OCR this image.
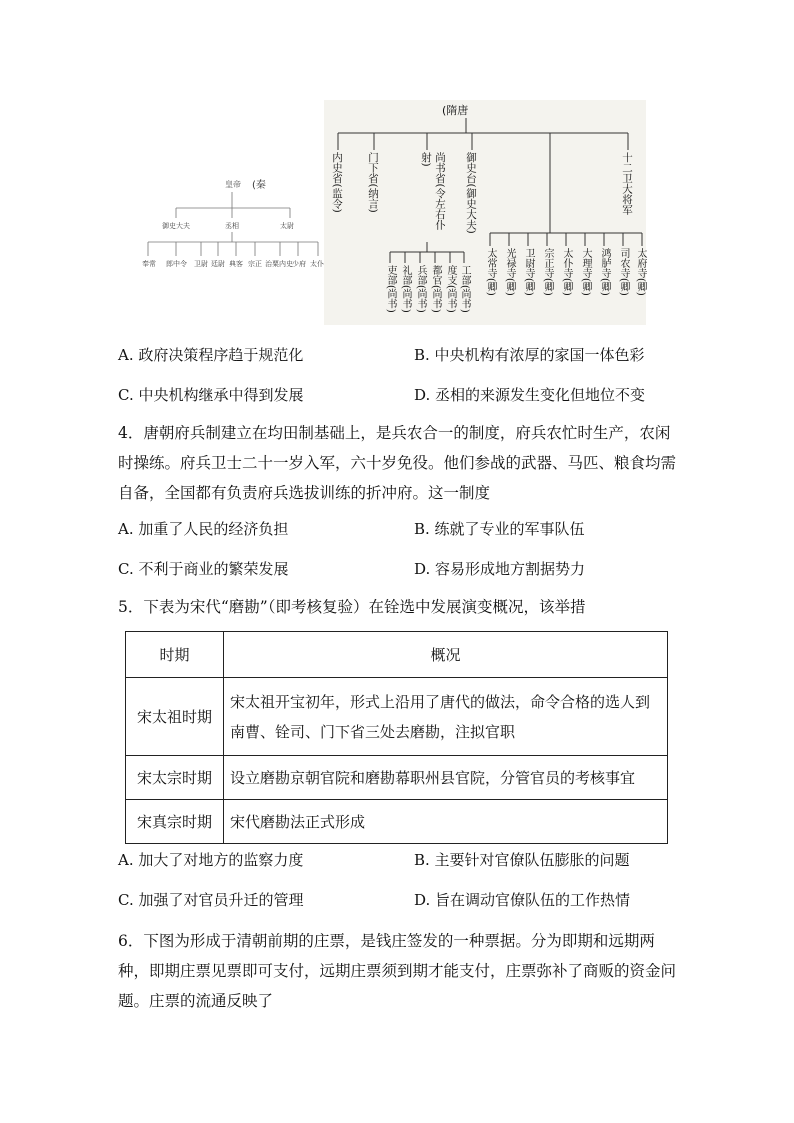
皇帝 (秦
御史大夫	丞相	太尉
奉常 郎中令 卫尉 廷尉 典客 宗正 治粟内史 少府 太仆
(隋唐
内史省(监令) 门下省(纳言)	尚书省(令左右仆射)	御史台(御史大夫)	十二卫大将军
吏部(尚书) 礼部(尚书) 兵部(尚书) 都官(尚书) 度支(尚书) 工部(尚书) 太常寺(卿) 光禄寺(卿) 卫尉寺(卿) 宗正寺(卿) 太仆寺(卿) 大理寺(卿) 鸿胪寺(卿) 司农寺(卿) 太府寺(卿)
A. 政府决策程序趋于规范化	B. 中央机构有浓厚的家国一体色彩
C. 中央机构继承中得到发展	D. 丞相的来源发生变化但地位不变
4．唐朝府兵制建立在均田制基础上，是兵农合一的制度，府兵农忙时生产，农闲时操练。府兵卫士二十一岁入军，六十岁免役。他们参战的武器、马匹、粮食均需自备，全国都有负责府兵选拔训练的折冲府。这一制度
A. 加重了人民的经济负担	B. 练就了专业的军事队伍
C. 不利于商业的繁荣发展	D. 容易形成地方割据势力
5．下表为宋代“磨勘”（即考核复验）在铨选中发展演变概况，该举措
时期	概况
宋太祖时期	宋太祖开宝初年，形式上沿用了唐代的做法，命令合格的选人到南曹、铨司、门下省三处去磨勘，注拟官职
宋太宗时期	设立磨勘京朝官院和磨勘幕职州县官院，分管官员的考核事宜
宋真宗时期	宋代磨勘法正式形成
A. 加大了对地方的监察力度	B. 主要针对官僚队伍膨胀的问题
C. 加强了对官员升迁的管理	D. 旨在调动官僚队伍的工作热情
6．下图为形成于清朝前期的庄票，是钱庄签发的一种票据。分为即期和远期两种，即期庄票见票即可支付，远期庄票须到期才能支付，庄票弥补了商贩的资金问题。庄票的流通反映了
